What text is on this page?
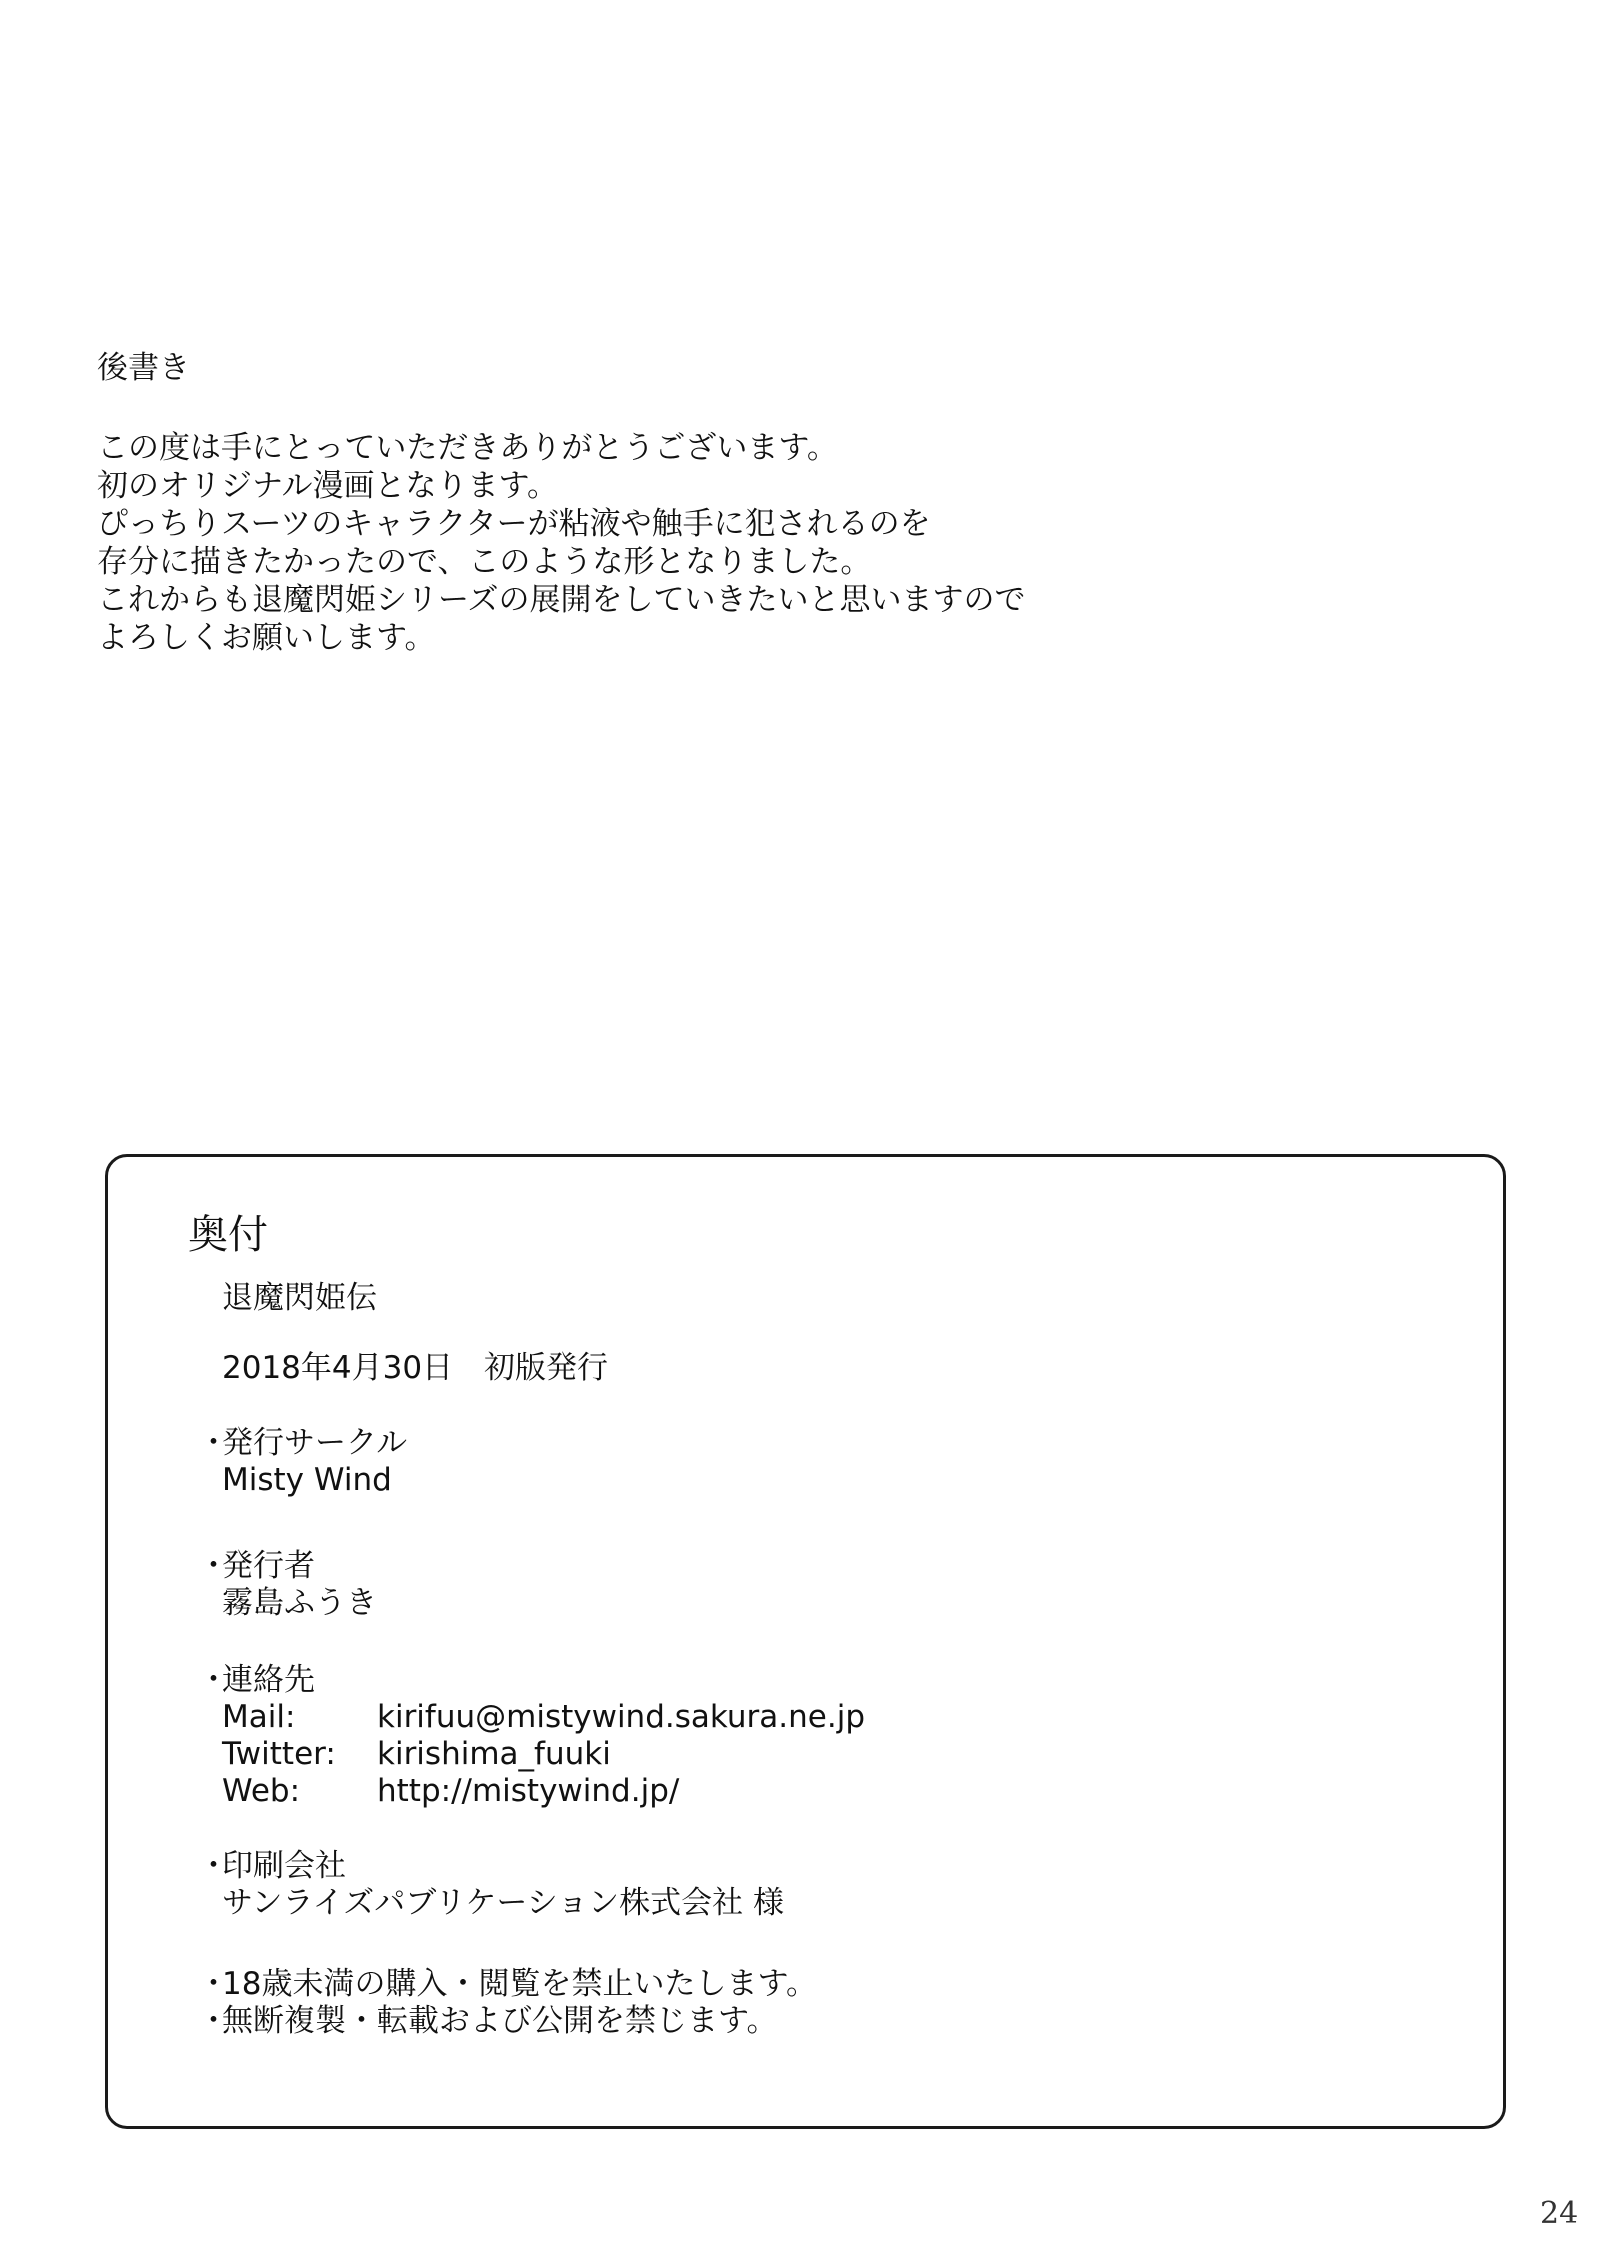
後書き
この度は手にとっていただきありがとうございます。
初のオリジナル漫画となります。
ぴっちりスーツのキャラクターが粘液や触手に犯されるのを
存分に描きたかったので、このような形となりました。
これからも退魔閃姫シリーズの展開をしていきたいと思いますので
よろしくお願いします。
奥付
退魔閃姫伝
2018年4月30日　初版発行
・
発行サークル
Misty Wind
・
発行者
霧島ふうき
・
連絡先
Mail:	kirifuu@mistywind.sakura.ne.jp
Twitter:	kirishima_fuuki
Web:	http://mistywind.jp/
・
印刷会社
サンライズパブリケーション株式会社 様
・
18歳未満の購入・閲覧を禁止いたします。
・
無断複製・転載および公開を禁じます。
24
